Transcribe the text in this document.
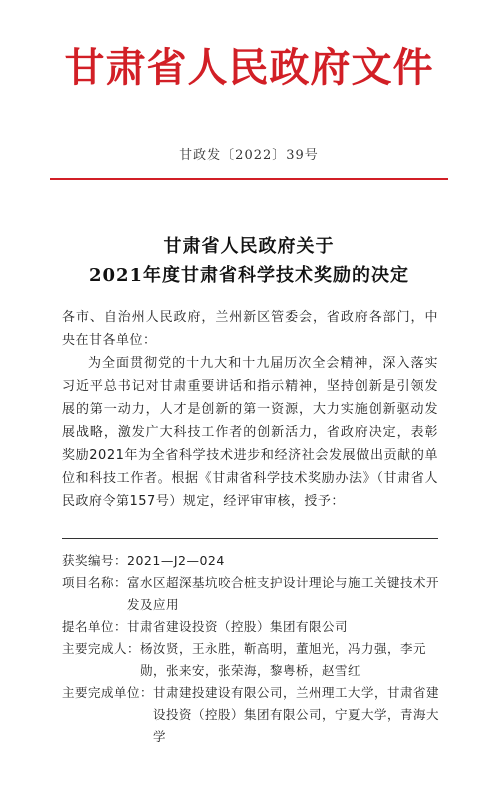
甘肃省人民政府文件
甘政发〔2022〕39号
甘肃省人民政府关于
2021年度甘肃省科学技术奖励的决定
各市、自治州人民政府，兰州新区管委会，省政府各部门，中央在甘各单位：
为全面贯彻党的十九大和十九届历次全会精神，深入落实习近平总书记对甘肃重要讲话和指示精神，坚持创新是引领发展的第一动力，人才是创新的第一资源，大力实施创新驱动发展战略，激发广大科技工作者的创新活力，省政府决定，表彰奖励2021年为全省科学技术进步和经济社会发展做出贡献的单位和科技工作者。根据《甘肃省科学技术奖励办法》（甘肃省人民政府令第157号）规定，经评审审核，授予：
获奖编号： 2021—J2—024
项目名称： 富水区超深基坑咬合桩支护设计理论与施工关键技术开发及应用
提名单位： 甘肃省建设投资（控股）集团有限公司
主要完成人： 杨汝贤，王永胜，靳高明，董旭光，冯力强，李元勋，张来安，张荣海，黎粤桥，赵雪红
主要完成单位： 甘肃建投建设有限公司，兰州理工大学，甘肃省建设投资（控股）集团有限公司，宁夏大学，青海大学
